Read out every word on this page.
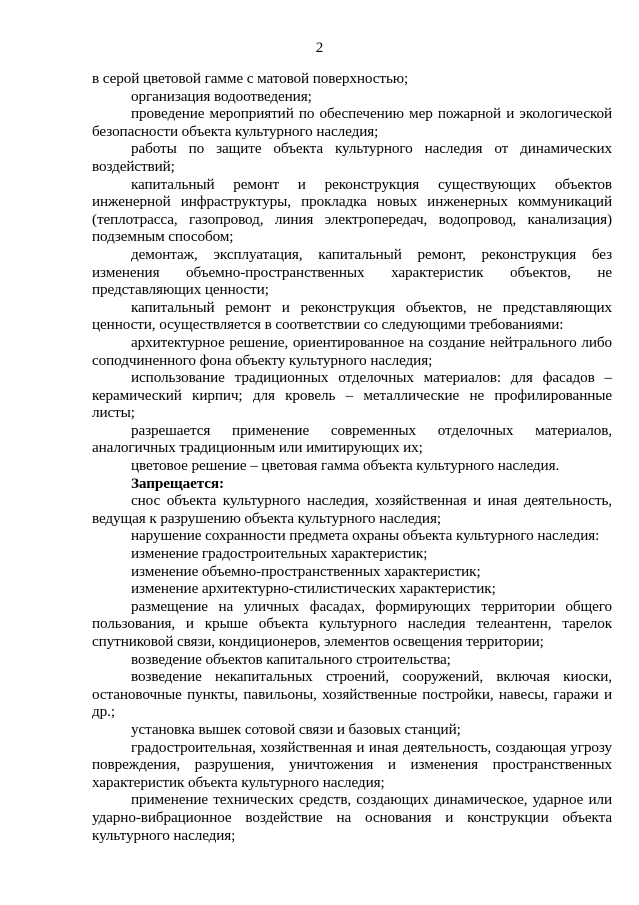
2

в серой цветовой гамме с матовой поверхностью;

организация водоотведения;

проведение мероприятий по обеспечению мер пожарной и экологической безопасности объекта культурного наследия;

работы по защите объекта культурного наследия от динамических воздействий;

капитальный ремонт и реконструкция существующих объектов инженерной инфраструктуры, прокладка новых инженерных коммуникаций (теплотрасса, газопровод, линия электропередач, водопровод, канализация) подземным способом;

демонтаж, эксплуатация, капитальный ремонт, реконструкция без изменения объемно-пространственных характеристик объектов, не представляющих ценности;

капитальный ремонт и реконструкция объектов, не представляющих ценности, осуществляется в соответствии со следующими требованиями:

архитектурное решение, ориентированное на создание нейтрального либо соподчиненного фона объекту культурного наследия;

использование традиционных отделочных материалов: для фасадов – керамический кирпич; для кровель – металлические не профилированные листы;

разрешается применение современных отделочных материалов, аналогичных традиционным или имитирующих их;

цветовое решение – цветовая гамма объекта культурного наследия.

Запрещается:

снос объекта культурного наследия, хозяйственная и иная деятельность, ведущая к разрушению объекта культурного наследия;

нарушение сохранности предмета охраны объекта культурного наследия:

изменение градостроительных характеристик;

изменение объемно-пространственных характеристик;

изменение архитектурно-стилистических характеристик;

размещение на уличных фасадах, формирующих территории общего пользования, и крыше объекта культурного наследия телеантенн, тарелок спутниковой связи, кондиционеров, элементов освещения территории;

возведение объектов капитального строительства;

возведение некапитальных строений, сооружений, включая киоски, остановочные пункты, павильоны, хозяйственные постройки, навесы, гаражи и др.;

установка вышек сотовой связи и базовых станций;

градостроительная, хозяйственная и иная деятельность, создающая угрозу повреждения, разрушения, уничтожения и изменения пространственных характеристик объекта культурного наследия;

применение технических средств, создающих динамическое, ударное или ударно-вибрационное воздействие на основания и конструкции объекта культурного наследия;
